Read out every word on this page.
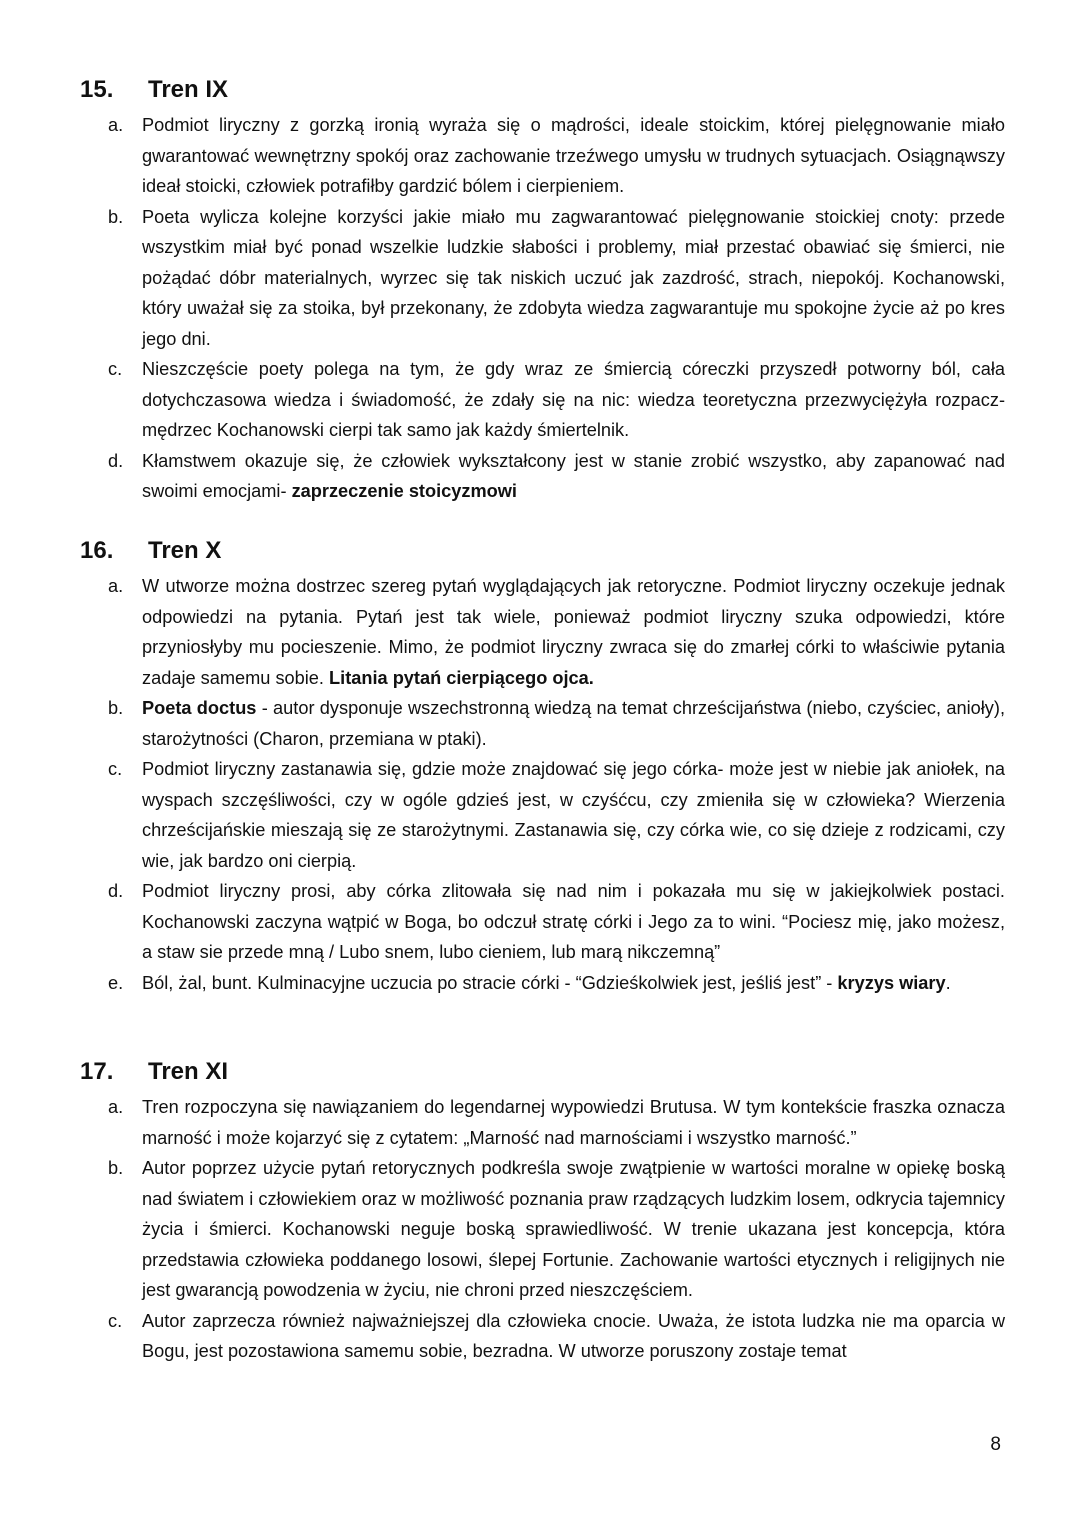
15.	Tren IX
a.	Podmiot liryczny z gorzką ironią wyraża się o mądrości, ideale stoickim, której pielęgnowanie miało gwarantować wewnętrzny spokój oraz zachowanie trzeźwego umysłu w trudnych sytuacjach. Osiągnąwszy ideał stoicki, człowiek potrafiłby gardzić bólem i cierpieniem.
b.	Poeta wylicza kolejne korzyści jakie miało mu zagwarantować pielęgnowanie stoickiej cnoty: przede wszystkim miał być ponad wszelkie ludzkie słabości i problemy, miał przestać obawiać się śmierci, nie pożądać dóbr materialnych, wyrzec się tak niskich uczuć jak zazdrość, strach, niepokój. Kochanowski, który uważał się za stoika, był przekonany, że zdobyta wiedza zagwarantuje mu spokojne życie aż po kres jego dni.
c.	Nieszczęście poety polega na tym, że gdy wraz ze śmiercią córeczki przyszedł potworny ból, cała dotychczasowa wiedza i świadomość, że zdały się na nic: wiedza teoretyczna przezwyciężyła rozpacz- mędrzec Kochanowski cierpi tak samo jak każdy śmiertelnik.
d.	Kłamstwem okazuje się, że człowiek wykształcony jest w stanie zrobić wszystko, aby zapanować nad swoimi emocjami- zaprzeczenie stoicyzmowi
16.	Tren X
a.	W utworze można dostrzec szereg pytań wyglądających jak retoryczne. Podmiot liryczny oczekuje jednak odpowiedzi na pytania. Pytań jest tak wiele, ponieważ podmiot liryczny szuka odpowiedzi, które przyniosłyby mu pocieszenie. Mimo, że podmiot liryczny zwraca się do zmarłej córki to właściwie pytania zadaje samemu sobie. Litania pytań cierpiącego ojca.
b.	Poeta doctus - autor dysponuje wszechstronną wiedzą na temat chrześcijaństwa (niebo, czyściec, anioły), starożytności (Charon, przemiana w ptaki).
c.	Podmiot liryczny zastanawia się, gdzie może znajdować się jego córka- może jest w niebie jak aniołek, na wyspach szczęśliwości, czy w ogóle gdzieś jest, w czyśćcu, czy zmieniła się w człowieka? Wierzenia chrześcijańskie mieszają się ze starożytnymi. Zastanawia się, czy córka wie, co się dzieje z rodzicami, czy wie, jak bardzo oni cierpią.
d.	Podmiot liryczny prosi, aby córka zlitowała się nad nim i pokazała mu się w jakiejkolwiek postaci. Kochanowski zaczyna wątpić w Boga, bo odczuł stratę córki i Jego za to wini. “Pociesz mię, jako możesz, a staw sie przede mną / Lubo snem, lubo cieniem, lub marą nikczemną”
e.	Ból, żal, bunt. Kulminacyjne uczucia po stracie córki - “Gdzieśkolwiek jest, jeśliś jest” - kryzys wiary.
17.	Tren XI
a.	Tren rozpoczyna się nawiązaniem do legendarnej wypowiedzi Brutusa. W tym kontekście fraszka oznacza marność i może kojarzyć się z cytatem: „Marność nad marnościami i wszystko marność.”
b.	Autor poprzez użycie pytań retorycznych podkreśla swoje zwątpienie w wartości moralne w opiekę boską nad światem i człowiekiem oraz w możliwość poznania praw rządzących ludzkim losem, odkrycia tajemnicy życia i śmierci. Kochanowski neguje boską sprawiedliwość. W trenie ukazana jest koncepcja, która przedstawia człowieka poddanego losowi, ślepej Fortunie. Zachowanie wartości etycznych i religijnych nie jest gwarancją powodzenia w życiu, nie chroni przed nieszczęściem.
c.	Autor zaprzecza również najważniejszej dla człowieka cnocie. Uważa, że istota ludzka nie ma oparcia w Bogu, jest pozostawiona samemu sobie, bezradna. W utworze poruszony zostaje temat
8
